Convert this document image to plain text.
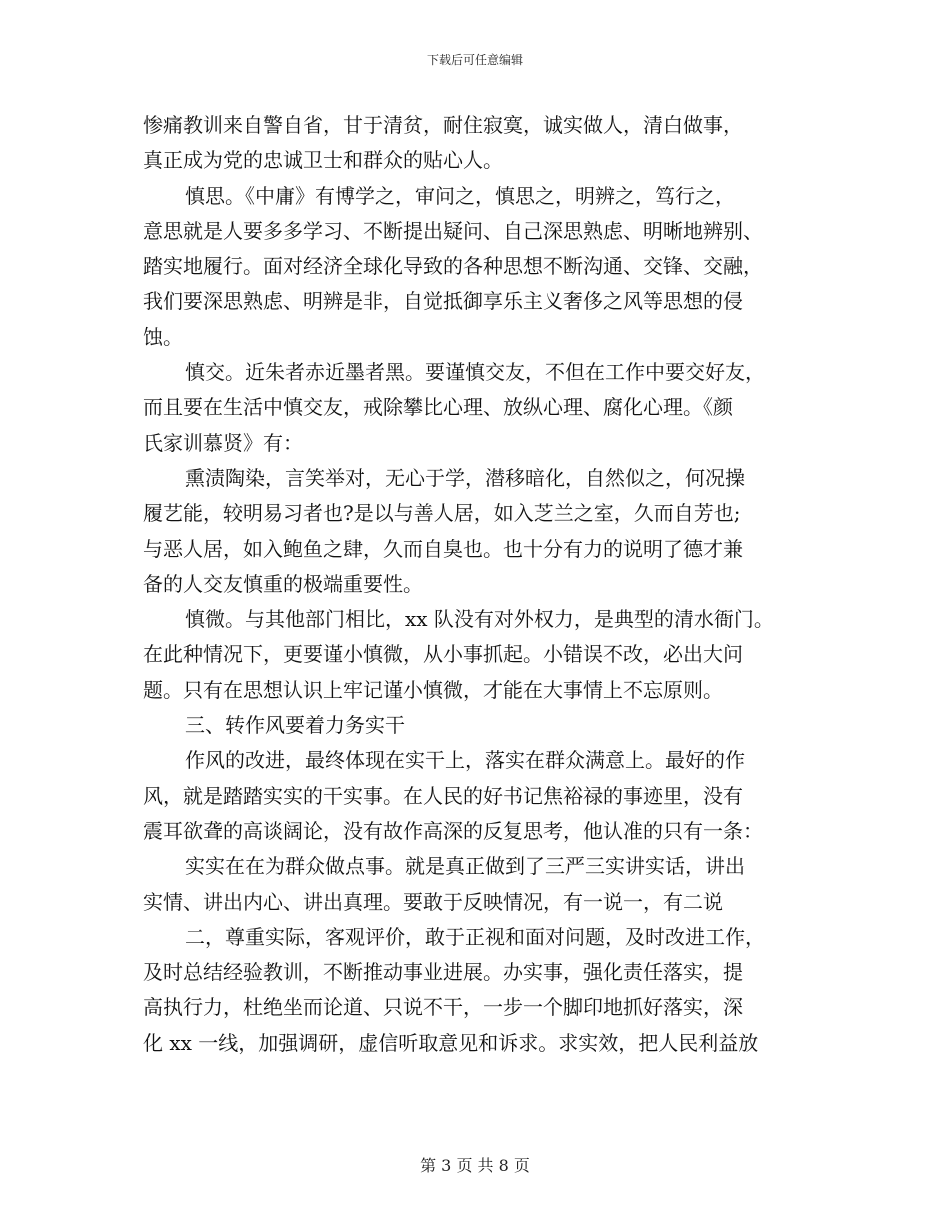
下载后可任意编辑
惨痛教训来自警自省，甘于清贫，耐住寂寞，诚实做人，清白做事，
真正成为党的忠诚卫士和群众的贴心人。
慎思。《中庸》有博学之，审问之，慎思之，明辨之，笃行之，
意思就是人要多多学习、不断提出疑问、自己深思熟虑、明晰地辨别、
踏实地履行。面对经济全球化导致的各种思想不断沟通、交锋、交融，
我们要深思熟虑、明辨是非，自觉抵御享乐主义奢侈之风等思想的侵
蚀。
慎交。近朱者赤近墨者黑。要谨慎交友，不但在工作中要交好友，
而且要在生活中慎交友，戒除攀比心理、放纵心理、腐化心理。《颜
氏家训慕贤》有：
熏渍陶染，言笑举对，无心于学，潜移暗化，自然似之，何况操
履艺能，较明易习者也?是以与善人居，如入芝兰之室，久而自芳也;
与恶人居，如入鲍鱼之肆，久而自臭也。也十分有力的说明了德才兼
备的人交友慎重的极端重要性。
慎微。与其他部门相比，xx 队没有对外权力，是典型的清水衙门。
在此种情况下，更要谨小慎微，从小事抓起。小错误不改，必出大问
题。只有在思想认识上牢记谨小慎微，才能在大事情上不忘原则。
三、转作风要着力务实干
作风的改进，最终体现在实干上，落实在群众满意上。最好的作
风，就是踏踏实实的干实事。在人民的好书记焦裕禄的事迹里，没有
震耳欲聋的高谈阔论，没有故作高深的反复思考，他认准的只有一条：
实实在在为群众做点事。就是真正做到了三严三实讲实话，讲出
实情、讲出内心、讲出真理。要敢于反映情况，有一说一，有二说
二，尊重实际，客观评价，敢于正视和面对问题，及时改进工作，
及时总结经验教训，不断推动事业进展。办实事，强化责任落实，提
高执行力，杜绝坐而论道、只说不干，一步一个脚印地抓好落实，深
化 xx 一线，加强调研，虚信听取意见和诉求。求实效，把人民利益放
第 3 页 共 8 页
